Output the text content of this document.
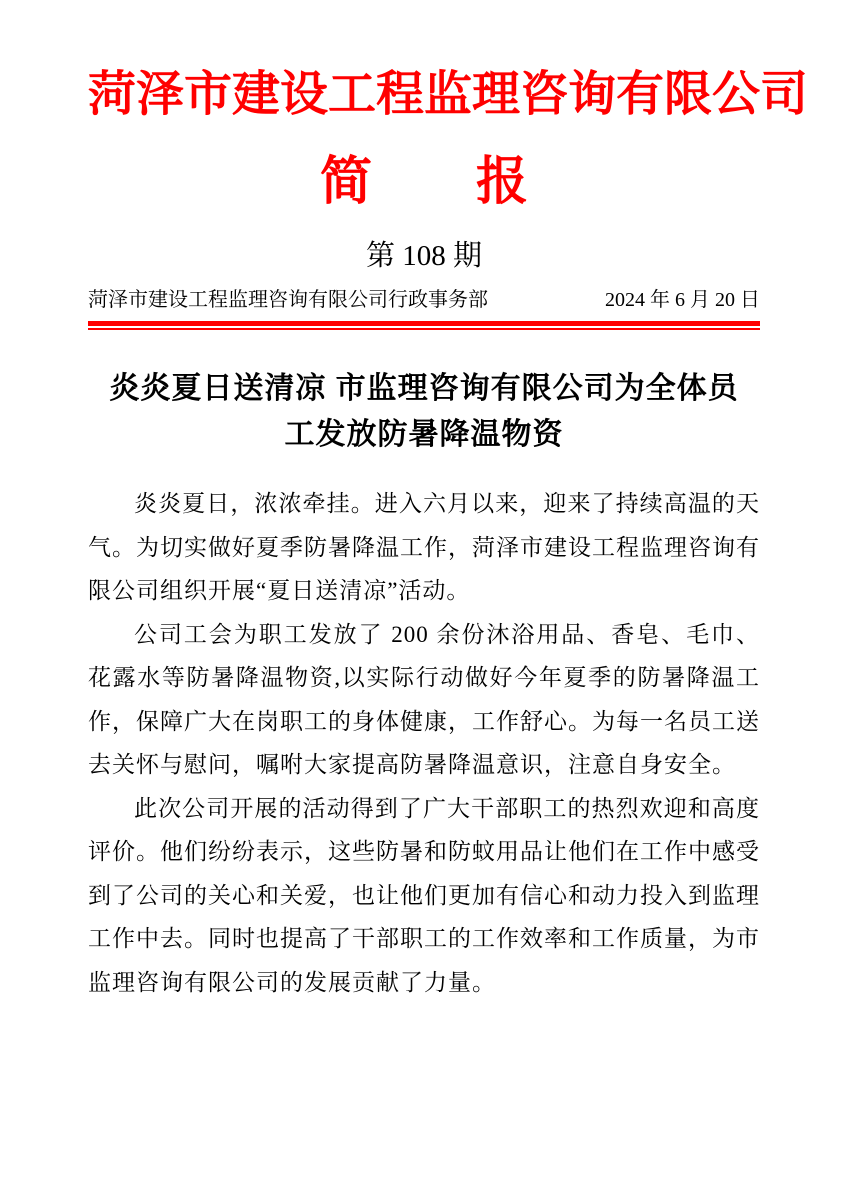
菏泽市建设工程监理咨询有限公司
简　　报
第 108 期
菏泽市建设工程监理咨询有限公司行政事务部	2024 年 6 月 20 日
炎炎夏日送清凉 市监理咨询有限公司为全体员工发放防暑降温物资

炎炎夏日，浓浓牵挂。进入六月以来，迎来了持续高温的天气。为切实做好夏季防暑降温工作，菏泽市建设工程监理咨询有限公司组织开展“夏日送清凉”活动。

公司工会为职工发放了 200 余份沐浴用品、香皂、毛巾、花露水等防暑降温物资,以实际行动做好今年夏季的防暑降温工作，保障广大在岗职工的身体健康，工作舒心。为每一名员工送去关怀与慰问，嘱咐大家提高防暑降温意识，注意自身安全。

此次公司开展的活动得到了广大干部职工的热烈欢迎和高度评价。他们纷纷表示，这些防暑和防蚊用品让他们在工作中感受到了公司的关心和关爱，也让他们更加有信心和动力投入到监理工作中去。同时也提高了干部职工的工作效率和工作质量，为市监理咨询有限公司的发展贡献了力量。
